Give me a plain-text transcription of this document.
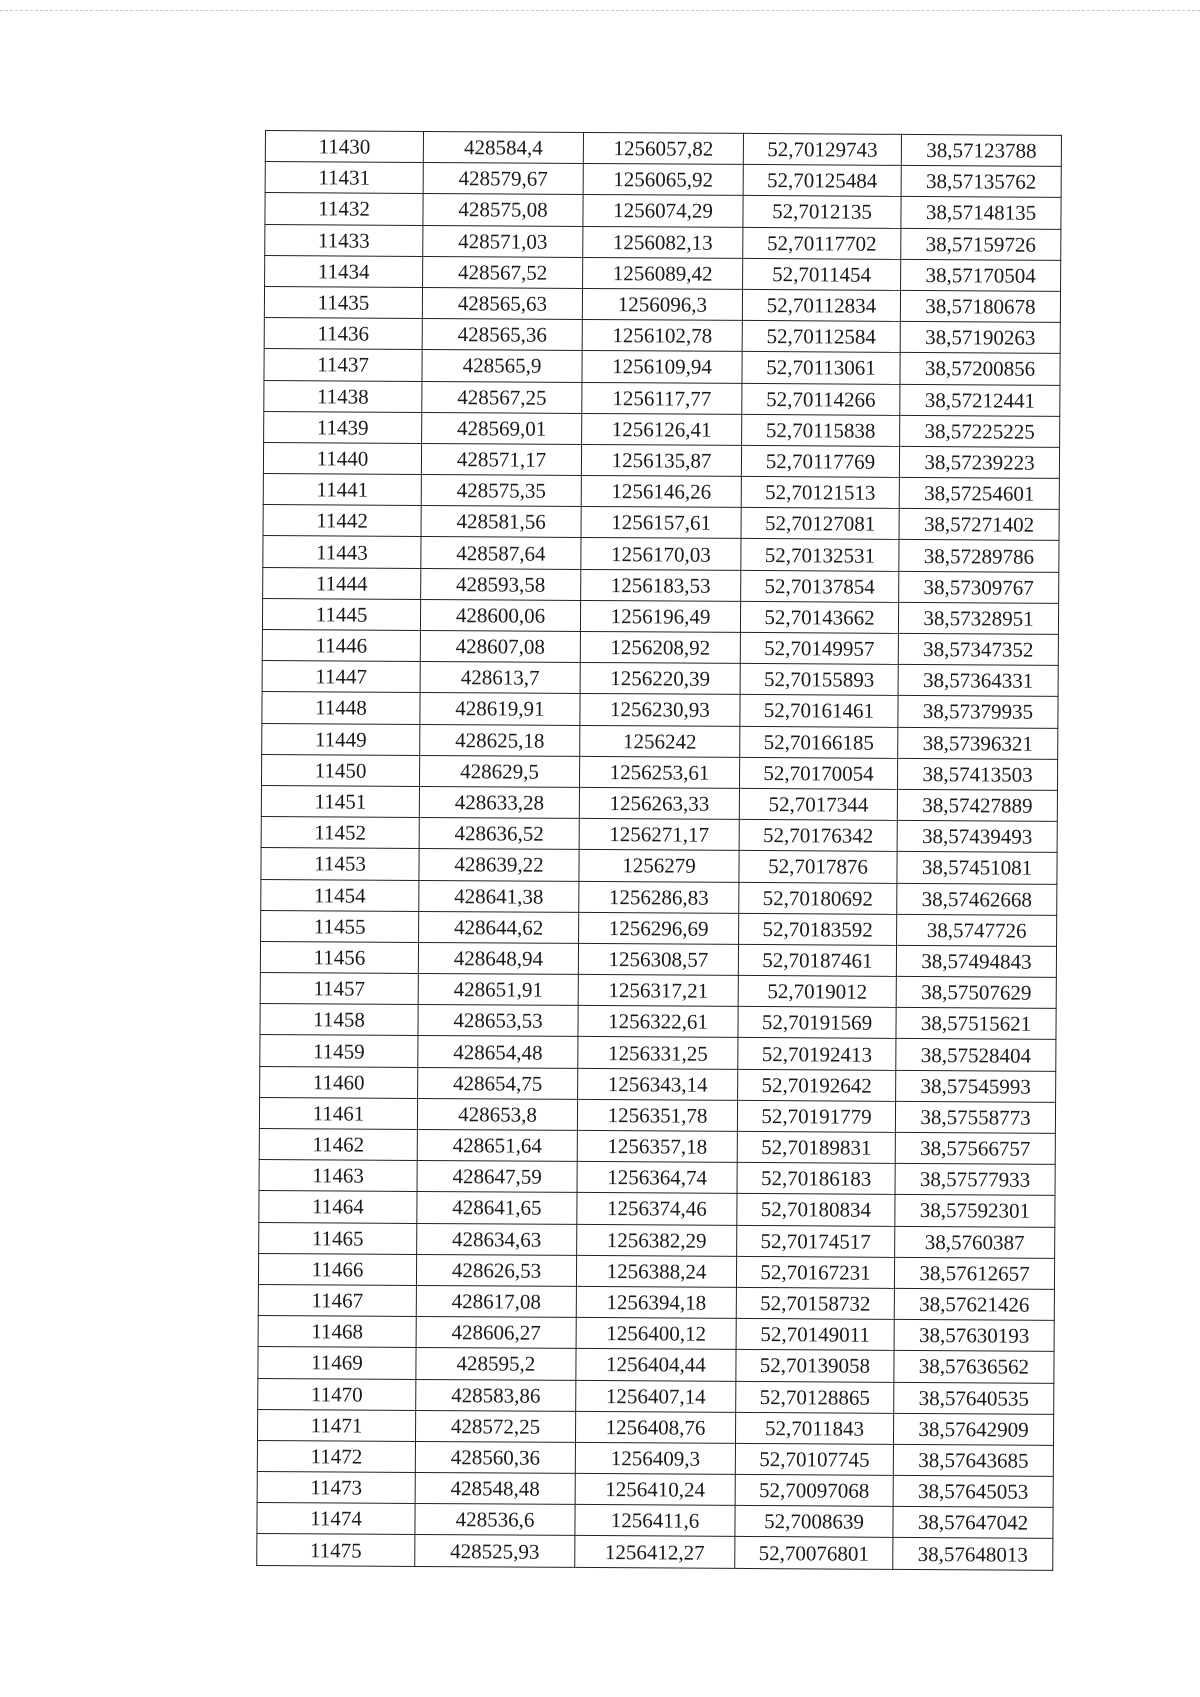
11430	428584,4	1256057,82	52,70129743	38,57123788
11431	428579,67	1256065,92	52,70125484	38,57135762
11432	428575,08	1256074,29	52,7012135	38,57148135
11433	428571,03	1256082,13	52,70117702	38,57159726
11434	428567,52	1256089,42	52,7011454	38,57170504
11435	428565,63	1256096,3	52,70112834	38,57180678
11436	428565,36	1256102,78	52,70112584	38,57190263
11437	428565,9	1256109,94	52,70113061	38,57200856
11438	428567,25	1256117,77	52,70114266	38,57212441
11439	428569,01	1256126,41	52,70115838	38,57225225
11440	428571,17	1256135,87	52,70117769	38,57239223
11441	428575,35	1256146,26	52,70121513	38,57254601
11442	428581,56	1256157,61	52,70127081	38,57271402
11443	428587,64	1256170,03	52,70132531	38,57289786
11444	428593,58	1256183,53	52,70137854	38,57309767
11445	428600,06	1256196,49	52,70143662	38,57328951
11446	428607,08	1256208,92	52,70149957	38,57347352
11447	428613,7	1256220,39	52,70155893	38,57364331
11448	428619,91	1256230,93	52,70161461	38,57379935
11449	428625,18	1256242	52,70166185	38,57396321
11450	428629,5	1256253,61	52,70170054	38,57413503
11451	428633,28	1256263,33	52,7017344	38,57427889
11452	428636,52	1256271,17	52,70176342	38,57439493
11453	428639,22	1256279	52,7017876	38,57451081
11454	428641,38	1256286,83	52,70180692	38,57462668
11455	428644,62	1256296,69	52,70183592	38,5747726
11456	428648,94	1256308,57	52,70187461	38,57494843
11457	428651,91	1256317,21	52,7019012	38,57507629
11458	428653,53	1256322,61	52,70191569	38,57515621
11459	428654,48	1256331,25	52,70192413	38,57528404
11460	428654,75	1256343,14	52,70192642	38,57545993
11461	428653,8	1256351,78	52,70191779	38,57558773
11462	428651,64	1256357,18	52,70189831	38,57566757
11463	428647,59	1256364,74	52,70186183	38,57577933
11464	428641,65	1256374,46	52,70180834	38,57592301
11465	428634,63	1256382,29	52,70174517	38,5760387
11466	428626,53	1256388,24	52,70167231	38,57612657
11467	428617,08	1256394,18	52,70158732	38,57621426
11468	428606,27	1256400,12	52,70149011	38,57630193
11469	428595,2	1256404,44	52,70139058	38,57636562
11470	428583,86	1256407,14	52,70128865	38,57640535
11471	428572,25	1256408,76	52,7011843	38,57642909
11472	428560,36	1256409,3	52,70107745	38,57643685
11473	428548,48	1256410,24	52,70097068	38,57645053
11474	428536,6	1256411,6	52,7008639	38,57647042
11475	428525,93	1256412,27	52,70076801	38,57648013
